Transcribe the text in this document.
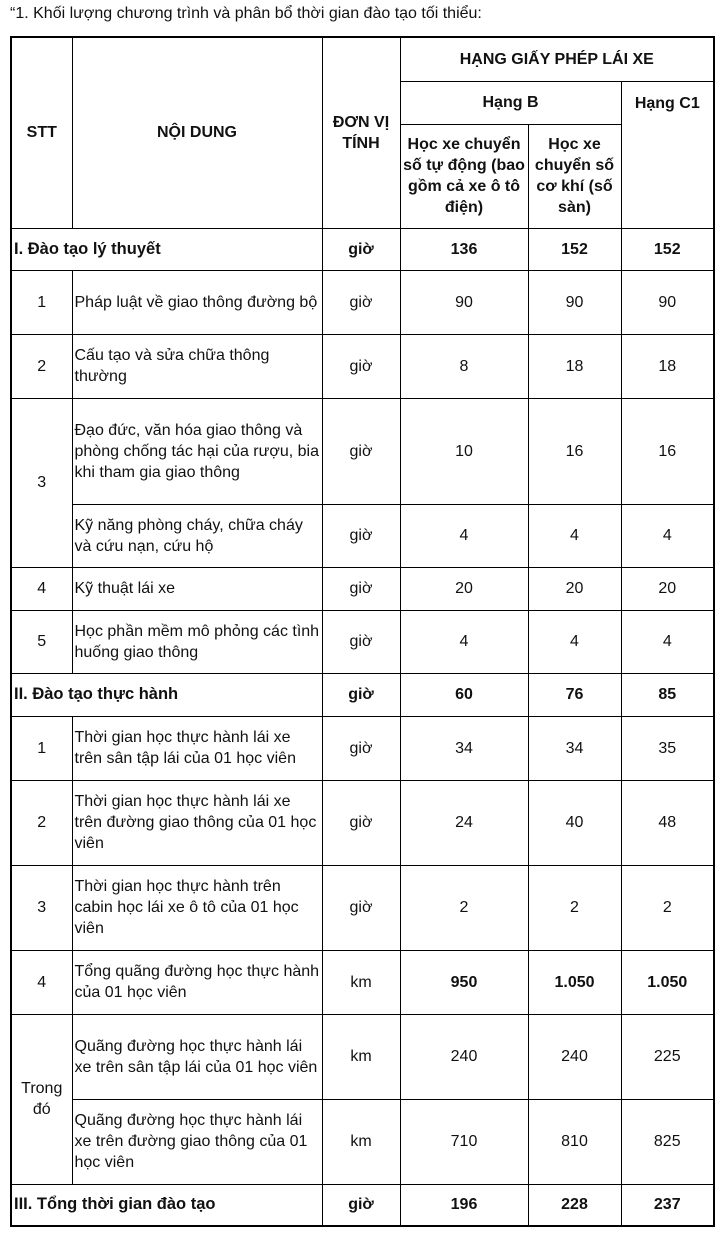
“1. Khối lượng chương trình và phân bổ thời gian đào tạo tối thiểu:
STT	NỘI DUNG	ĐƠN VỊ TÍNH	HẠNG GIẤY PHÉP LÁI XE		
			Hạng B		Hạng C1
			Học xe chuyển số tự động (bao gồm cả xe ô tô điện)	Học xe chuyển số cơ khí (số sàn)	
I. Đào tạo lý thuyết		giờ	136	152	152
1	Pháp luật về giao thông đường bộ	giờ	90	90	90
2	Cấu tạo và sửa chữa thông thường	giờ	8	18	18
3	Đạo đức, văn hóa giao thông và phòng chống tác hại của rượu, bia khi tham gia giao thông	giờ	10	16	16
	Kỹ năng phòng cháy, chữa cháy và cứu nạn, cứu hộ	giờ	4	4	4
4	Kỹ thuật lái xe	giờ	20	20	20
5	Học phần mềm mô phỏng các tình huống giao thông	giờ	4	4	4
II. Đào tạo thực hành		giờ	60	76	85
1	Thời gian học thực hành lái xe trên sân tập lái của 01 học viên	giờ	34	34	35
2	Thời gian học thực hành lái xe trên đường giao thông của 01 học viên	giờ	24	40	48
3	Thời gian học thực hành trên cabin học lái xe ô tô của 01 học viên	giờ	2	2	2
4	Tổng quãng đường học thực hành của 01 học viên	km	950	1.050	1.050
Trong đó	Quãng đường học thực hành lái xe trên sân tập lái của 01 học viên	km	240	240	225
	Quãng đường học thực hành lái xe trên đường giao thông của 01 học viên	km	710	810	825
III. Tổng thời gian đào tạo		giờ	196	228	237
